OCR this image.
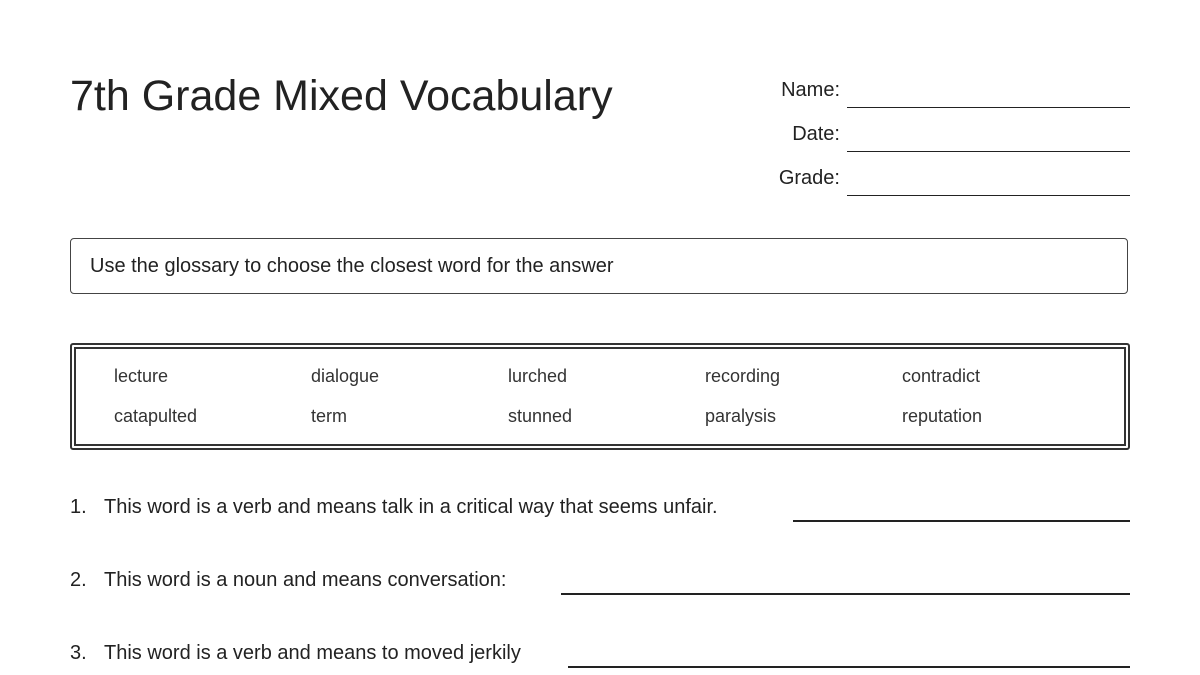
7th Grade Mixed Vocabulary	Name:
Date:
Grade:
Use the glossary to choose the closest word for the answer
lecture	dialogue	lurched	recording	contradict
catapulted	term	stunned	paralysis	reputation
1. This word is a verb and means talk in a critical way that seems unfair.
2. This word is a noun and means conversation:
3. This word is a verb and means to moved jerkily
